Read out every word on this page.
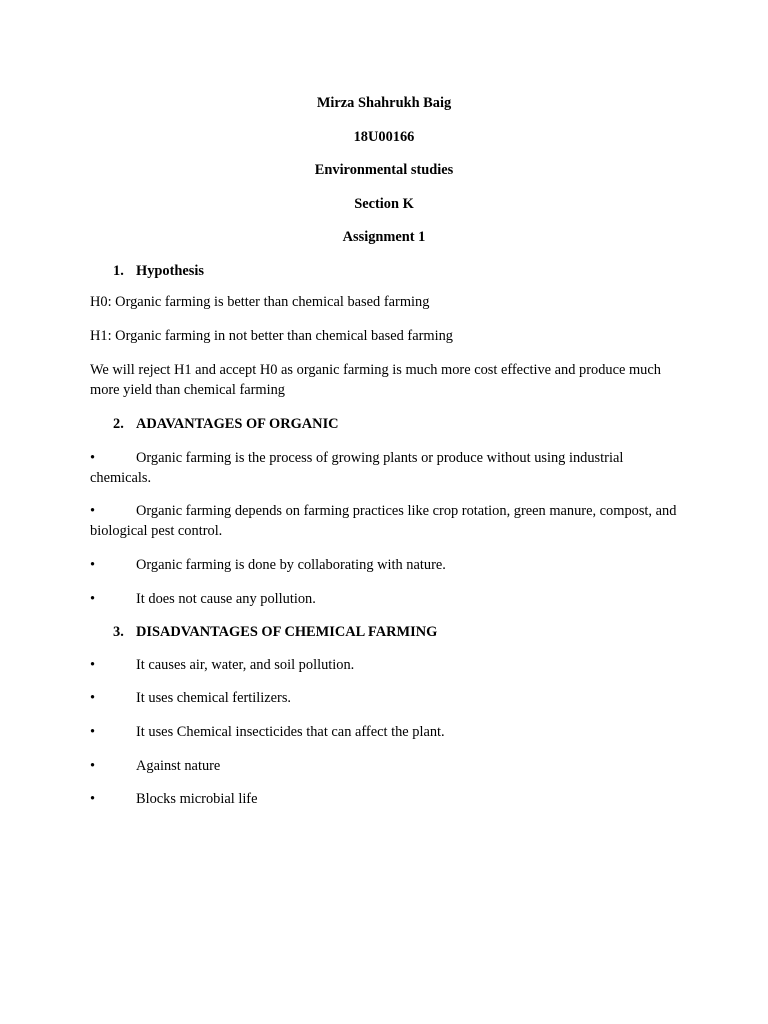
Mirza Shahrukh Baig
18U00166
Environmental studies
Section K
Assignment 1
1. Hypothesis

H0: Organic farming is better than chemical based farming

H1: Organic farming in not better than chemical based farming

We will reject H1 and accept H0 as organic farming is much more cost effective and produce much more yield than chemical farming

2. ADAVANTAGES OF ORGANIC

•	Organic farming is the process of growing plants or produce without using industrial chemicals.

•	Organic farming depends on farming practices like crop rotation, green manure, compost, and biological pest control.

•	Organic farming is done by collaborating with nature.

•	It does not cause any pollution.

3. DISADVANTAGES OF CHEMICAL FARMING

•	It causes air, water, and soil pollution.

•	It uses chemical fertilizers.

•	It uses Chemical insecticides that can affect the plant.

•	Against nature

•	Blocks microbial life
